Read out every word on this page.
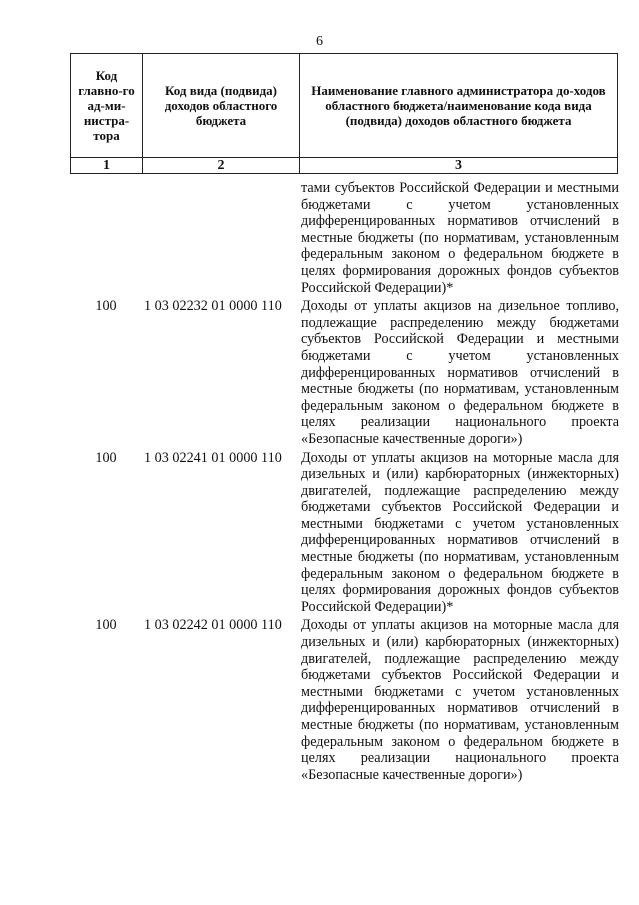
6
Код главно-го ад-ми-нистра-тора	Код вида (подвида) доходов областного бюджета	Наименование главного администратора до-ходов областного бюджета/наименование кода вида (подвида) доходов областного бюджета
1	2	3
		тами субъектов Российской Федерации и местными бюджетами с учетом установленных дифференцированных нормативов отчислений в местные бюджеты (по нормативам, установленным федеральным законом о федеральном бюджете в целях формирования дорожных фондов субъектов Российской Федерации)*
100	1 03 02232 01 0000 110	Доходы от уплаты акцизов на дизельное топливо, подлежащие распределению между бюджетами субъектов Российской Федерации и местными бюджетами с учетом установленных дифференцированных нормативов отчислений в местные бюджеты (по нормативам, установленным федеральным законом о федеральном бюджете в целях реализации национального проекта «Безопасные качественные дороги»)
100	1 03 02241 01 0000 110	Доходы от уплаты акцизов на моторные масла для дизельных и (или) карбюраторных (инжекторных) двигателей, подлежащие распределению между бюджетами субъектов Российской Федерации и местными бюджетами с учетом установленных дифференцированных нормативов отчислений в местные бюджеты (по нормативам, установленным федеральным законом о федеральном бюджете в целях формирования дорожных фондов субъектов Российской Федерации)*
100	1 03 02242 01 0000 110	Доходы от уплаты акцизов на моторные масла для дизельных и (или) карбюраторных (инжекторных) двигателей, подлежащие распределению между бюджетами субъектов Российской Федерации и местными бюджетами с учетом установленных дифференцированных нормативов отчислений в местные бюджеты (по нормативам, установленным федеральным законом о федеральном бюджете в целях реализации национального проекта «Безопасные качественные дороги»)
